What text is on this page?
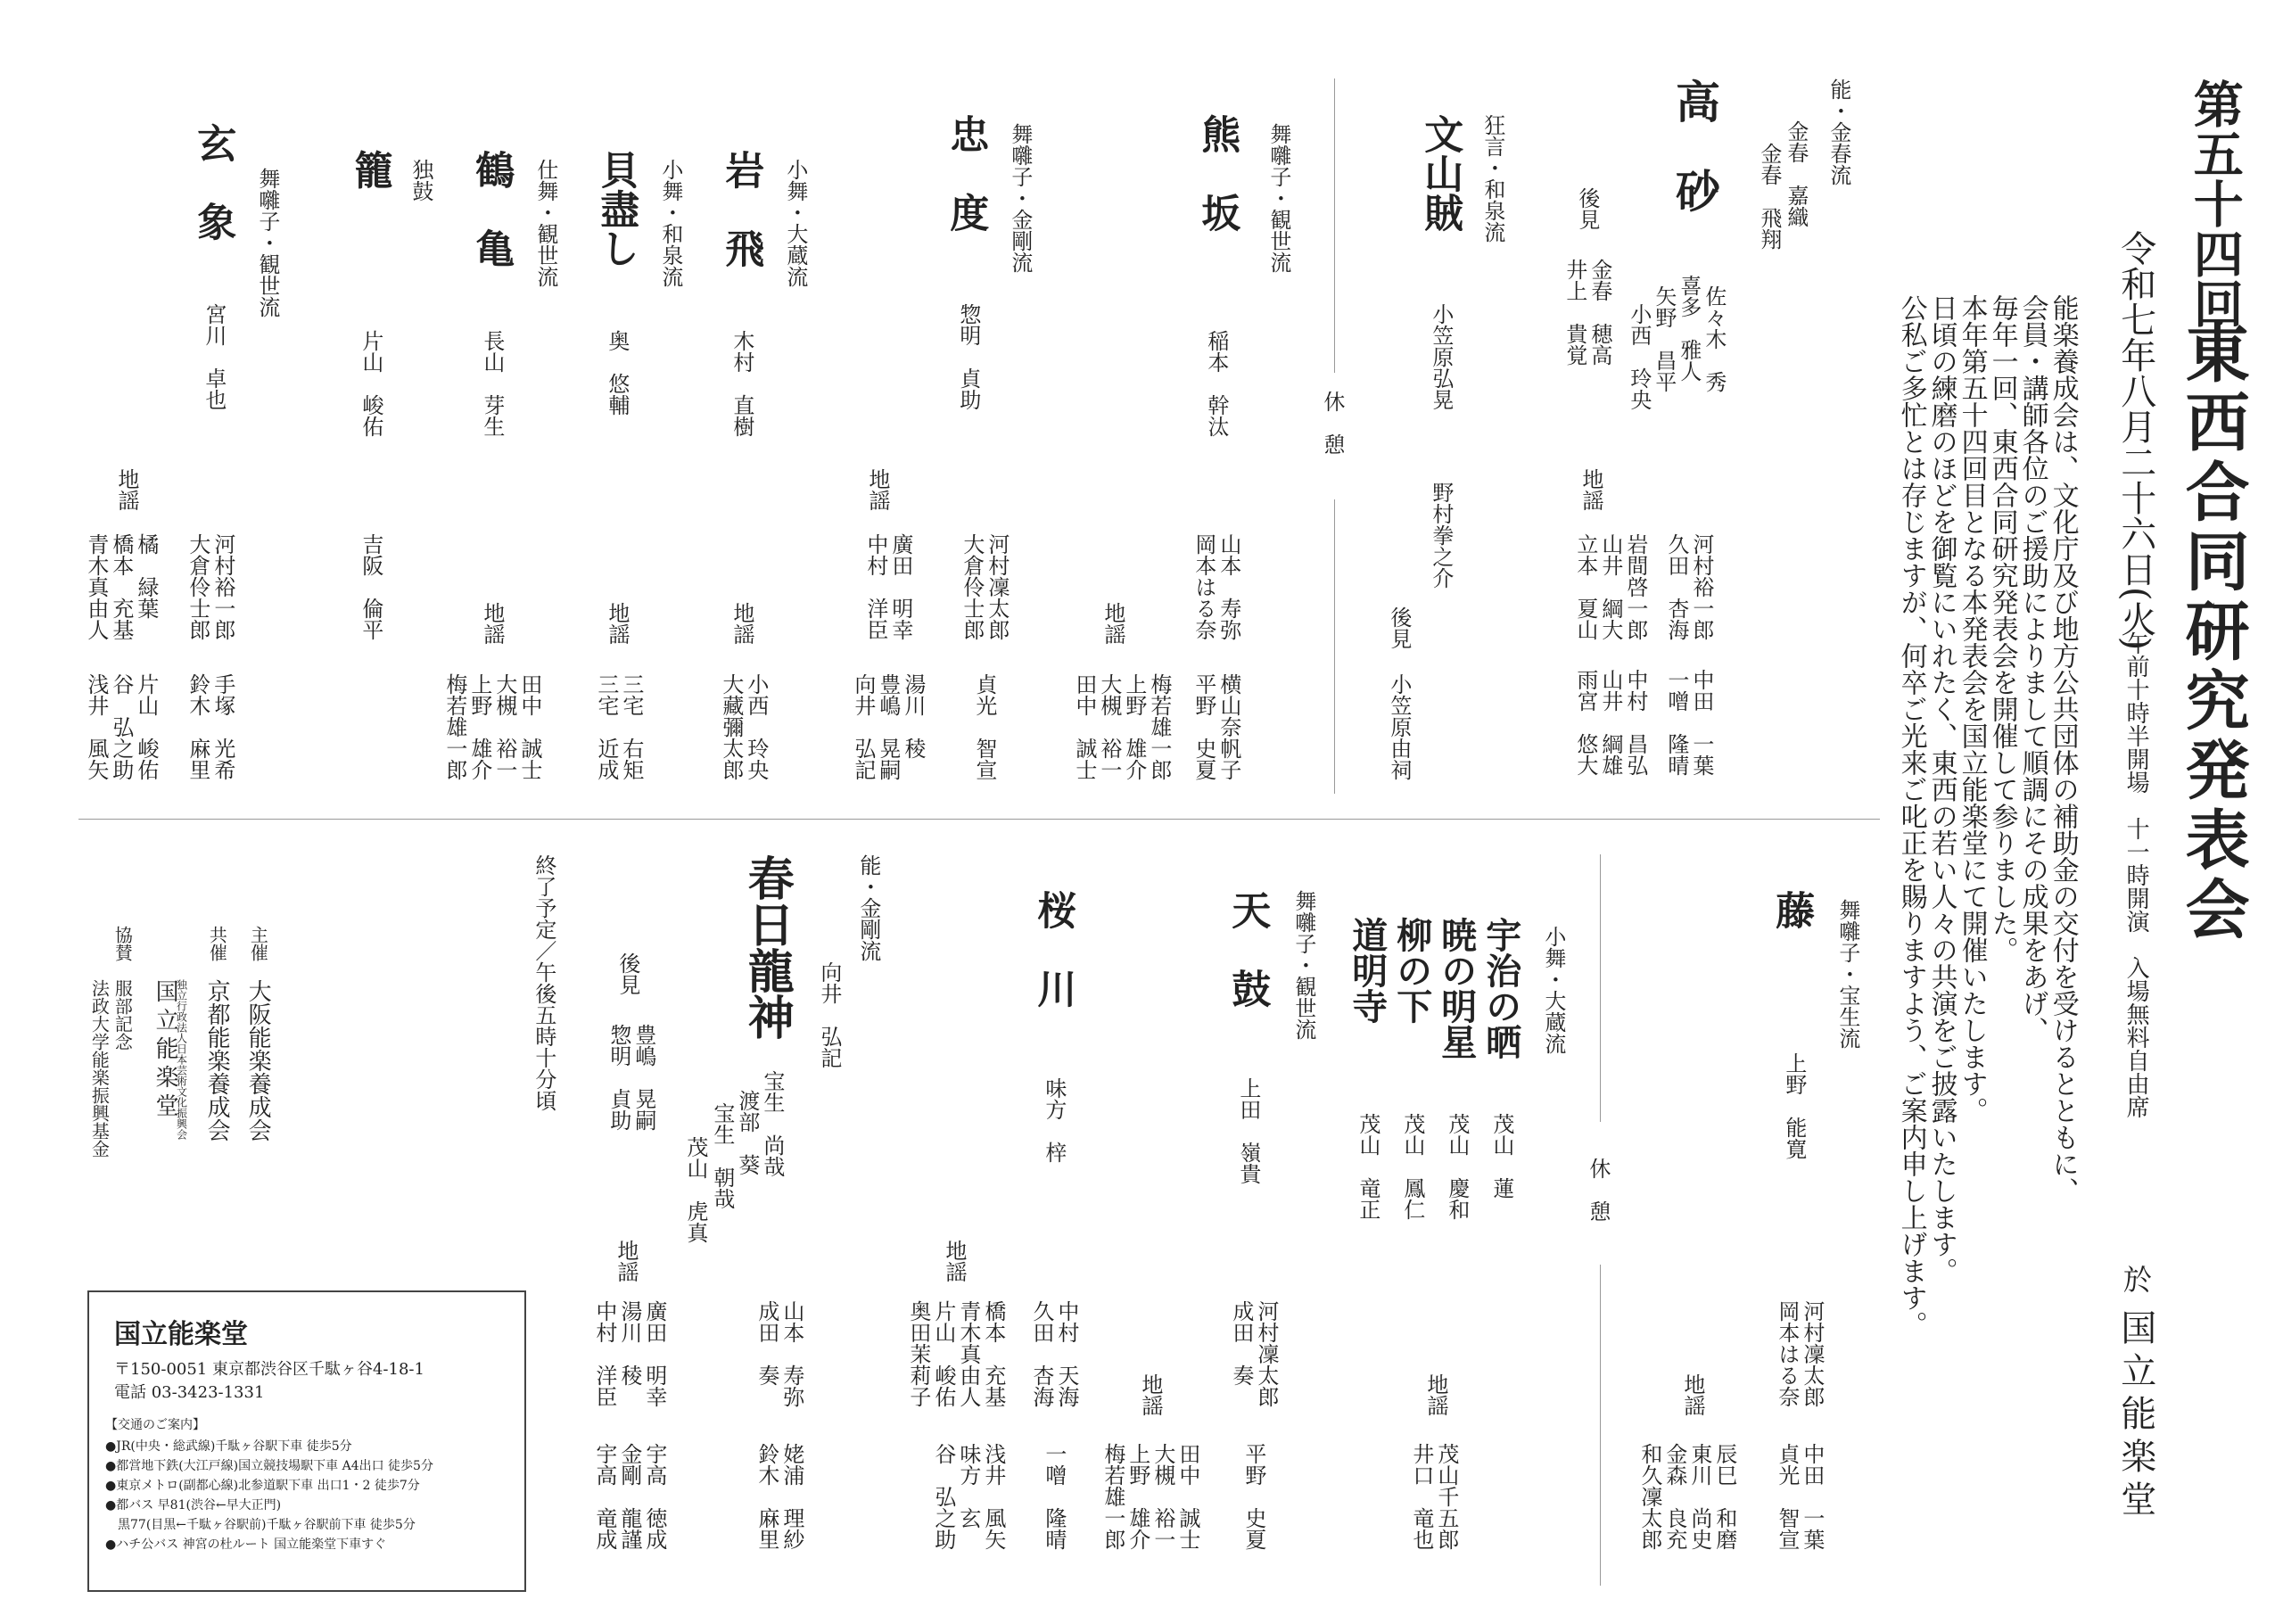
第五十四回
東西合同研究発表会
令和七年八月二十六日(火)
午前十時半開場　十一時開演　入場無料自由席
於
国立能楽堂
能楽養成会は、文化庁及び地方公共団体の補助金の交付を受けるとともに、
会員・講師各位のご援助によりまして順調にその成果をあげ、
毎年一回、東西合同研究発表会を開催して参りました。
本年第五十四回目となる本発表会を国立能楽堂にて開催いたします。
日頃の練磨のほどを御覧にいれたく、東西の若い人々の共演をご披露いたします。
公私ご多忙とは存じますが、何卒ご光来ご叱正を賜りますよう、ご案内申し上げます。
能・金春流
高　砂	金春　嘉織
金春　飛翔
佐々木　秀
喜多　雅人
矢野　昌平
小西　玲央
後見
金春　穂高
井上　貴覚
地謡
河村裕一郎
久田　杏海
岩間啓一郎
山井　綱大
立本　夏山
中田　一葉
一噌　隆晴
中村　昌弘
山井　綱雄
雨宮　悠大
狂言・和泉流
文山賊
小笠原弘晃
野村拳之介
後見
小笠原由祠
休　憩
舞囃子・観世流
熊　坂
稲本　幹汰
山本　寿弥
岡本はる奈
横山奈帆子
平野　史夏
地謡
梅若雄一郎
上野　雄介
大槻　裕一
田中　誠士
舞囃子・金剛流
忠　度
惣明　貞助
地謡
河村凜太郎
大倉伶士郎
貞光　智宣
廣田　明幸
中村　洋臣
湯川　稜
豊嶋　晃嗣
向井　弘記
小舞・大蔵流
岩　飛
木村　直樹
地謡
小西　玲央
大藏彌太郎
小舞・和泉流
貝盡し
奥　悠輔
地謡
三宅　右矩
三宅　近成
仕舞・観世流
鶴　亀
長山　芽生
地謡
田中　誠士
大槻　裕一
上野　雄介
梅若雄一郎
独鼓
籠
片山　峻佑
吉阪　倫平
舞囃子・観世流
玄　象
宮川　卓也
河村裕一郎
大倉伶士郎
手塚　光希
鈴木　麻里
地謡
橘　緑葉
橋本　充基
青木真由人
片山　峻佑
谷　弘之助
浅井　風矢
舞囃子・宝生流
藤
上野　能寛
河村凜太郎
岡本はる奈
中田　一葉
貞光　智宣
地謡
辰巳　和磨
東川　尚史
金森　良充
和久凜太郎
休　憩
小舞・大蔵流
宇治の晒
暁の明星
柳の下
道明寺
茂山　蓮
茂山　慶和
茂山　鳳仁
茂山　竜正
地謡
茂山千五郎
井口　竜也
舞囃子・観世流
天　鼓
上田　嶺貴
河村凜太郎
成田　奏
平野　史夏
地謡
田中　誠士
大槻　裕一
上野　雄介
梅若雄一郎
桜　川
味方　梓
地謡
中村　天海
久田　杏海
一噌　隆晴
橋本　充基
青木真由人
片山　峻佑
奥田茉莉子
浅井　風矢
味方　玄
谷　弘之助
能・金剛流
春日龍神 向井　弘記
宝生　尚哉
渡部　葵
宝生　朝哉
茂山　虎真
後見
豊嶋　晃嗣
惣明　貞助
地謡
山本　寿弥
成田　奏
姥浦　理紗
鈴木　麻里
廣田　明幸
湯川　稜
中村　洋臣
宇高　徳成
金剛　龍謹
宇高　竜成
終了予定／午後五時十分頃
主催
大阪能楽養成会
共催
京都能楽養成会
独立行政法人日本芸術文化振興会
国立能楽堂
協賛
服部記念
法政大学能楽振興基金
国立能楽堂
〒150-0051 東京都渋谷区千駄ヶ谷4-18-1
電話 03-3423-1331
【交通のご案内】
●JR(中央・総武線)千駄ヶ谷駅下車 徒歩5分
●都営地下鉄(大江戸線)国立競技場駅下車 A4出口 徒歩5分
●東京メトロ(副都心線)北参道駅下車 出口1・2 徒歩7分
●都バス 早81(渋谷←早大正門)
　黒77(目黒←千駄ヶ谷駅前)千駄ヶ谷駅前下車 徒歩5分
●ハチ公バス 神宮の杜ルート 国立能楽堂下車すぐ
